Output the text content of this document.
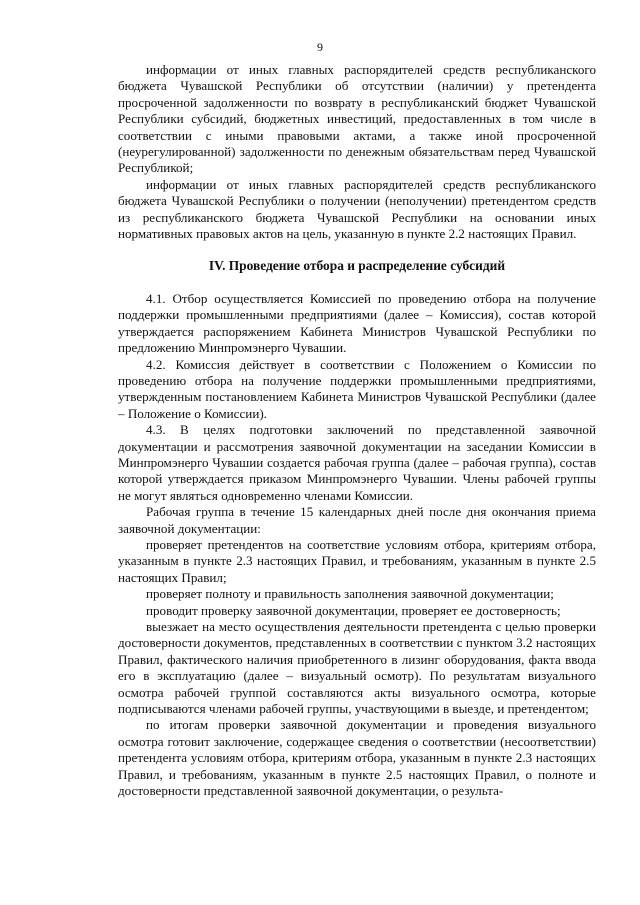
9

информации от иных главных распорядителей средств республиканского бюджета Чувашской Республики об отсутствии (наличии) у претендента просроченной задолженности по возврату в республиканский бюджет Чувашской Республики субсидий, бюджетных инвестиций, предоставленных в том числе в соответствии с иными правовыми актами, а также иной просроченной (неурегулированной) задолженности по денежным обязательствам перед Чувашской Республикой;

информации от иных главных распорядителей средств республиканского бюджета Чувашской Республики о получении (неполучении) претендентом средств из республиканского бюджета Чувашской Республики на основании иных нормативных правовых актов на цель, указанную в пункте 2.2 настоящих Правил.

IV. Проведение отбора и распределение субсидий

4.1. Отбор осуществляется Комиссией по проведению отбора на получение поддержки промышленными предприятиями (далее – Комиссия), состав которой утверждается распоряжением Кабинета Министров Чувашской Республики по предложению Минпромэнерго Чувашии.

4.2. Комиссия действует в соответствии с Положением о Комиссии по проведению отбора на получение поддержки промышленными предприятиями, утвержденным постановлением Кабинета Министров Чувашской Республики (далее – Положение о Комиссии).

4.3. В целях подготовки заключений по представленной заявочной документации и рассмотрения заявочной документации на заседании Комиссии в Минпромэнерго Чувашии создается рабочая группа (далее – рабочая группа), состав которой утверждается приказом Минпромэнерго Чувашии. Члены рабочей группы не могут являться одновременно членами Комиссии.

Рабочая группа в течение 15 календарных дней после дня окончания приема заявочной документации:

проверяет претендентов на соответствие условиям отбора, критериям отбора, указанным в пункте 2.3 настоящих Правил, и требованиям, указанным в пункте 2.5 настоящих Правил;

проверяет полноту и правильность заполнения заявочной документации;

проводит проверку заявочной документации, проверяет ее достоверность;

выезжает на место осуществления деятельности претендента с целью проверки достоверности документов, представленных в соответствии с пунктом 3.2 настоящих Правил, фактического наличия приобретенного в лизинг оборудования, факта ввода его в эксплуатацию (далее – визуальный осмотр). По результатам визуального осмотра рабочей группой составляются акты визуального осмотра, которые подписываются членами рабочей группы, участвующими в выезде, и претендентом;

по итогам проверки заявочной документации и проведения визуального осмотра готовит заключение, содержащее сведения о соответствии (несоответствии) претендента условиям отбора, критериям отбора, указанным в пункте 2.3 настоящих Правил, и требованиям, указанным в пункте 2.5 настоящих Правил, о полноте и достоверности представленной заявочной документации, о результа-
